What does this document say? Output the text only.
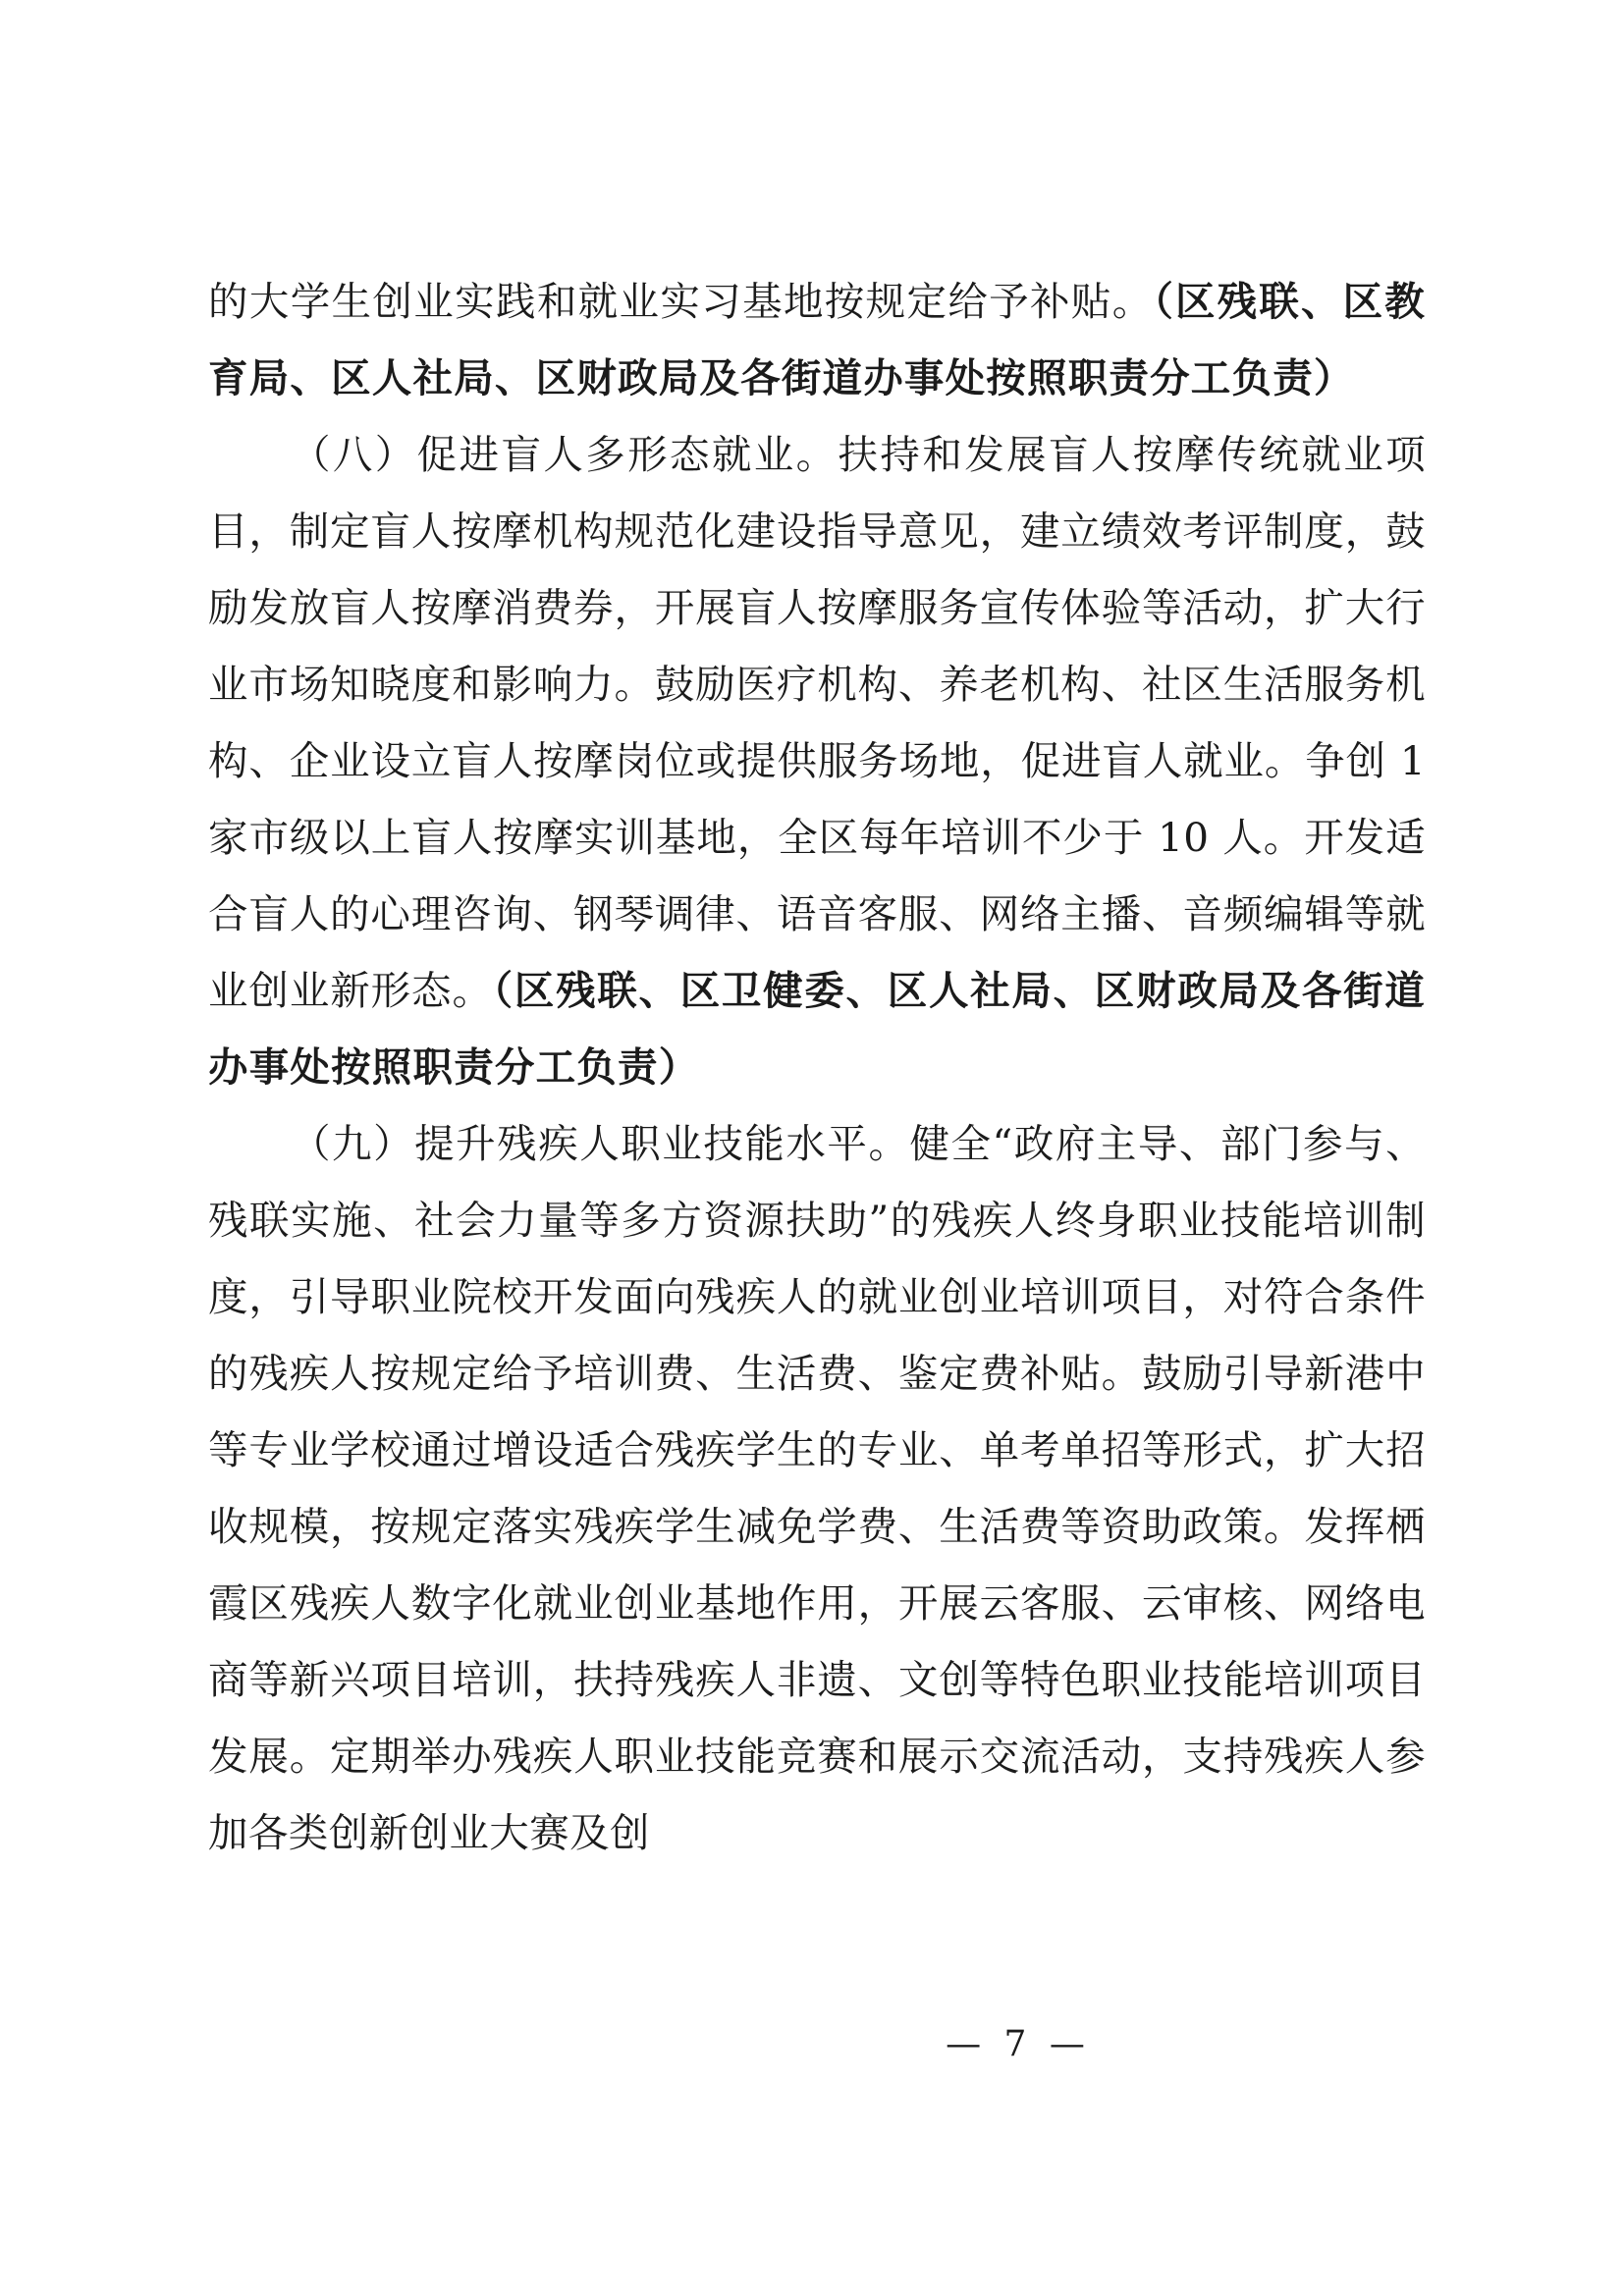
的大学生创业实践和就业实习基地按规定给予补贴。（区残联、区教育局、区人社局、区财政局及各街道办事处按照职责分工负责）

（八）促进盲人多形态就业。扶持和发展盲人按摩传统就业项目，制定盲人按摩机构规范化建设指导意见，建立绩效考评制度，鼓励发放盲人按摩消费券，开展盲人按摩服务宣传体验等活动，扩大行业市场知晓度和影响力。鼓励医疗机构、养老机构、社区生活服务机构、企业设立盲人按摩岗位或提供服务场地，促进盲人就业。争创 1 家市级以上盲人按摩实训基地，全区每年培训不少于 10 人。开发适合盲人的心理咨询、钢琴调律、语音客服、网络主播、音频编辑等就业创业新形态。（区残联、区卫健委、区人社局、区财政局及各街道办事处按照职责分工负责）

（九）提升残疾人职业技能水平。健全“政府主导、部门参与、残联实施、社会力量等多方资源扶助”的残疾人终身职业技能培训制度，引导职业院校开发面向残疾人的就业创业培训项目，对符合条件的残疾人按规定给予培训费、生活费、鉴定费补贴。鼓励引导新港中等专业学校通过增设适合残疾学生的专业、单考单招等形式，扩大招收规模，按规定落实残疾学生减免学费、生活费等资助政策。发挥栖霞区残疾人数字化就业创业基地作用，开展云客服、云审核、网络电商等新兴项目培训，扶持残疾人非遗、文创等特色职业技能培训项目发展。定期举办残疾人职业技能竞赛和展示交流活动，支持残疾人参加各类创新创业大赛及创

— 7 —
